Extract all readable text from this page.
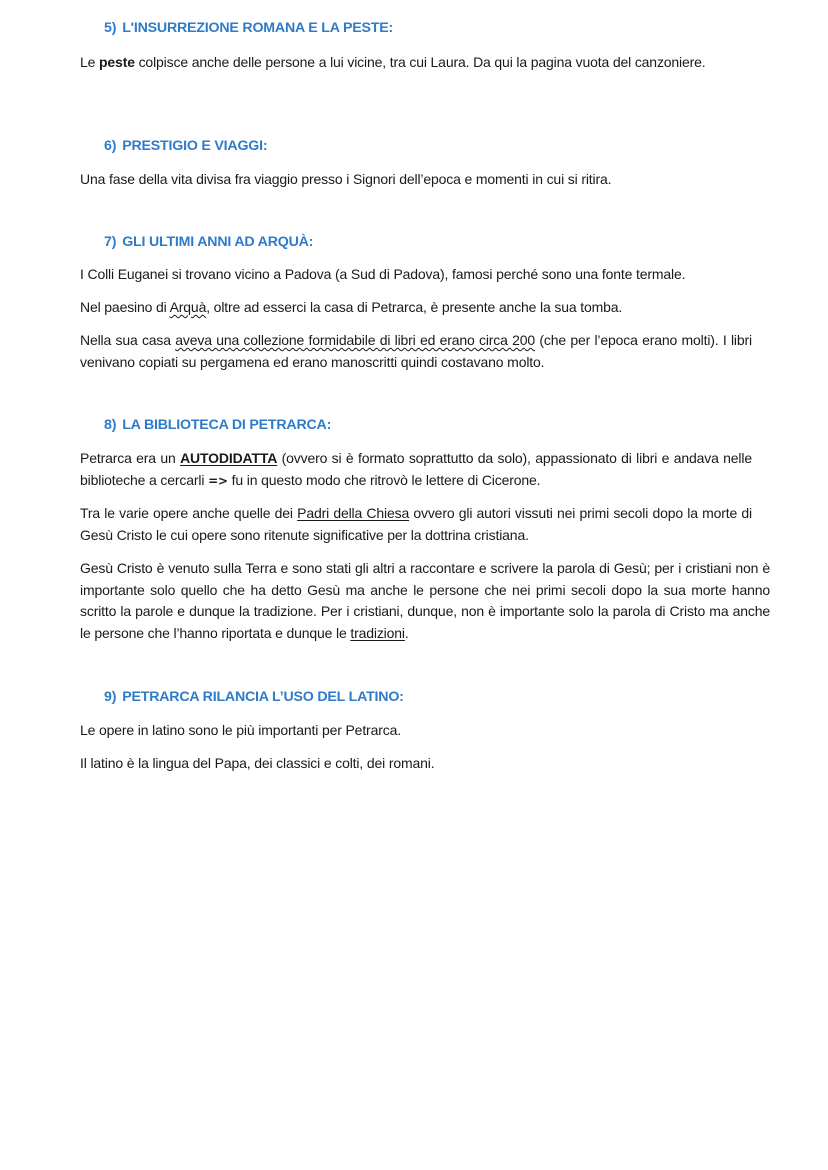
5) L'INSURREZIONE ROMANA E LA PESTE:
Le peste colpisce anche delle persone a lui vicine, tra cui Laura. Da qui la pagina vuota del canzoniere.
6) PRESTIGIO E VIAGGI:
Una fase della vita divisa fra viaggio presso i Signori dell’epoca e momenti in cui si ritira.
7) GLI ULTIMI ANNI AD ARQUÀ:
I Colli Euganei si trovano vicino a Padova (a Sud di Padova), famosi perché sono una fonte termale.
Nel paesino di Arquà, oltre ad esserci la casa di Petrarca, è presente anche la sua tomba.
Nella sua casa aveva una collezione formidabile di libri ed erano circa 200 (che per l’epoca erano molti). I libri venivano copiati su pergamena ed erano manoscritti quindi costavano molto.
8) LA BIBLIOTECA DI PETRARCA:
Petrarca era un AUTODIDATTA (ovvero si è formato soprattutto da solo), appassionato di libri e andava nelle biblioteche a cercarli => fu in questo modo che ritrovò le lettere di Cicerone.
Tra le varie opere anche quelle dei Padri della Chiesa ovvero gli autori vissuti nei primi secoli dopo la morte di Gesù Cristo le cui opere sono ritenute significative per la dottrina cristiana.
Gesù Cristo è venuto sulla Terra e sono stati gli altri a raccontare e scrivere la parola di Gesù; per i cristiani non è importante solo quello che ha detto Gesù ma anche le persone che nei primi secoli dopo la sua morte hanno scritto la parole e dunque la tradizione. Per i cristiani, dunque, non è importante solo la parola di Cristo ma anche le persone che l’hanno riportata e dunque le tradizioni.
9) PETRARCA RILANCIA L’USO DEL LATINO:
Le opere in latino sono le più importanti per Petrarca.
Il latino è la lingua del Papa, dei classici e colti, dei romani.
